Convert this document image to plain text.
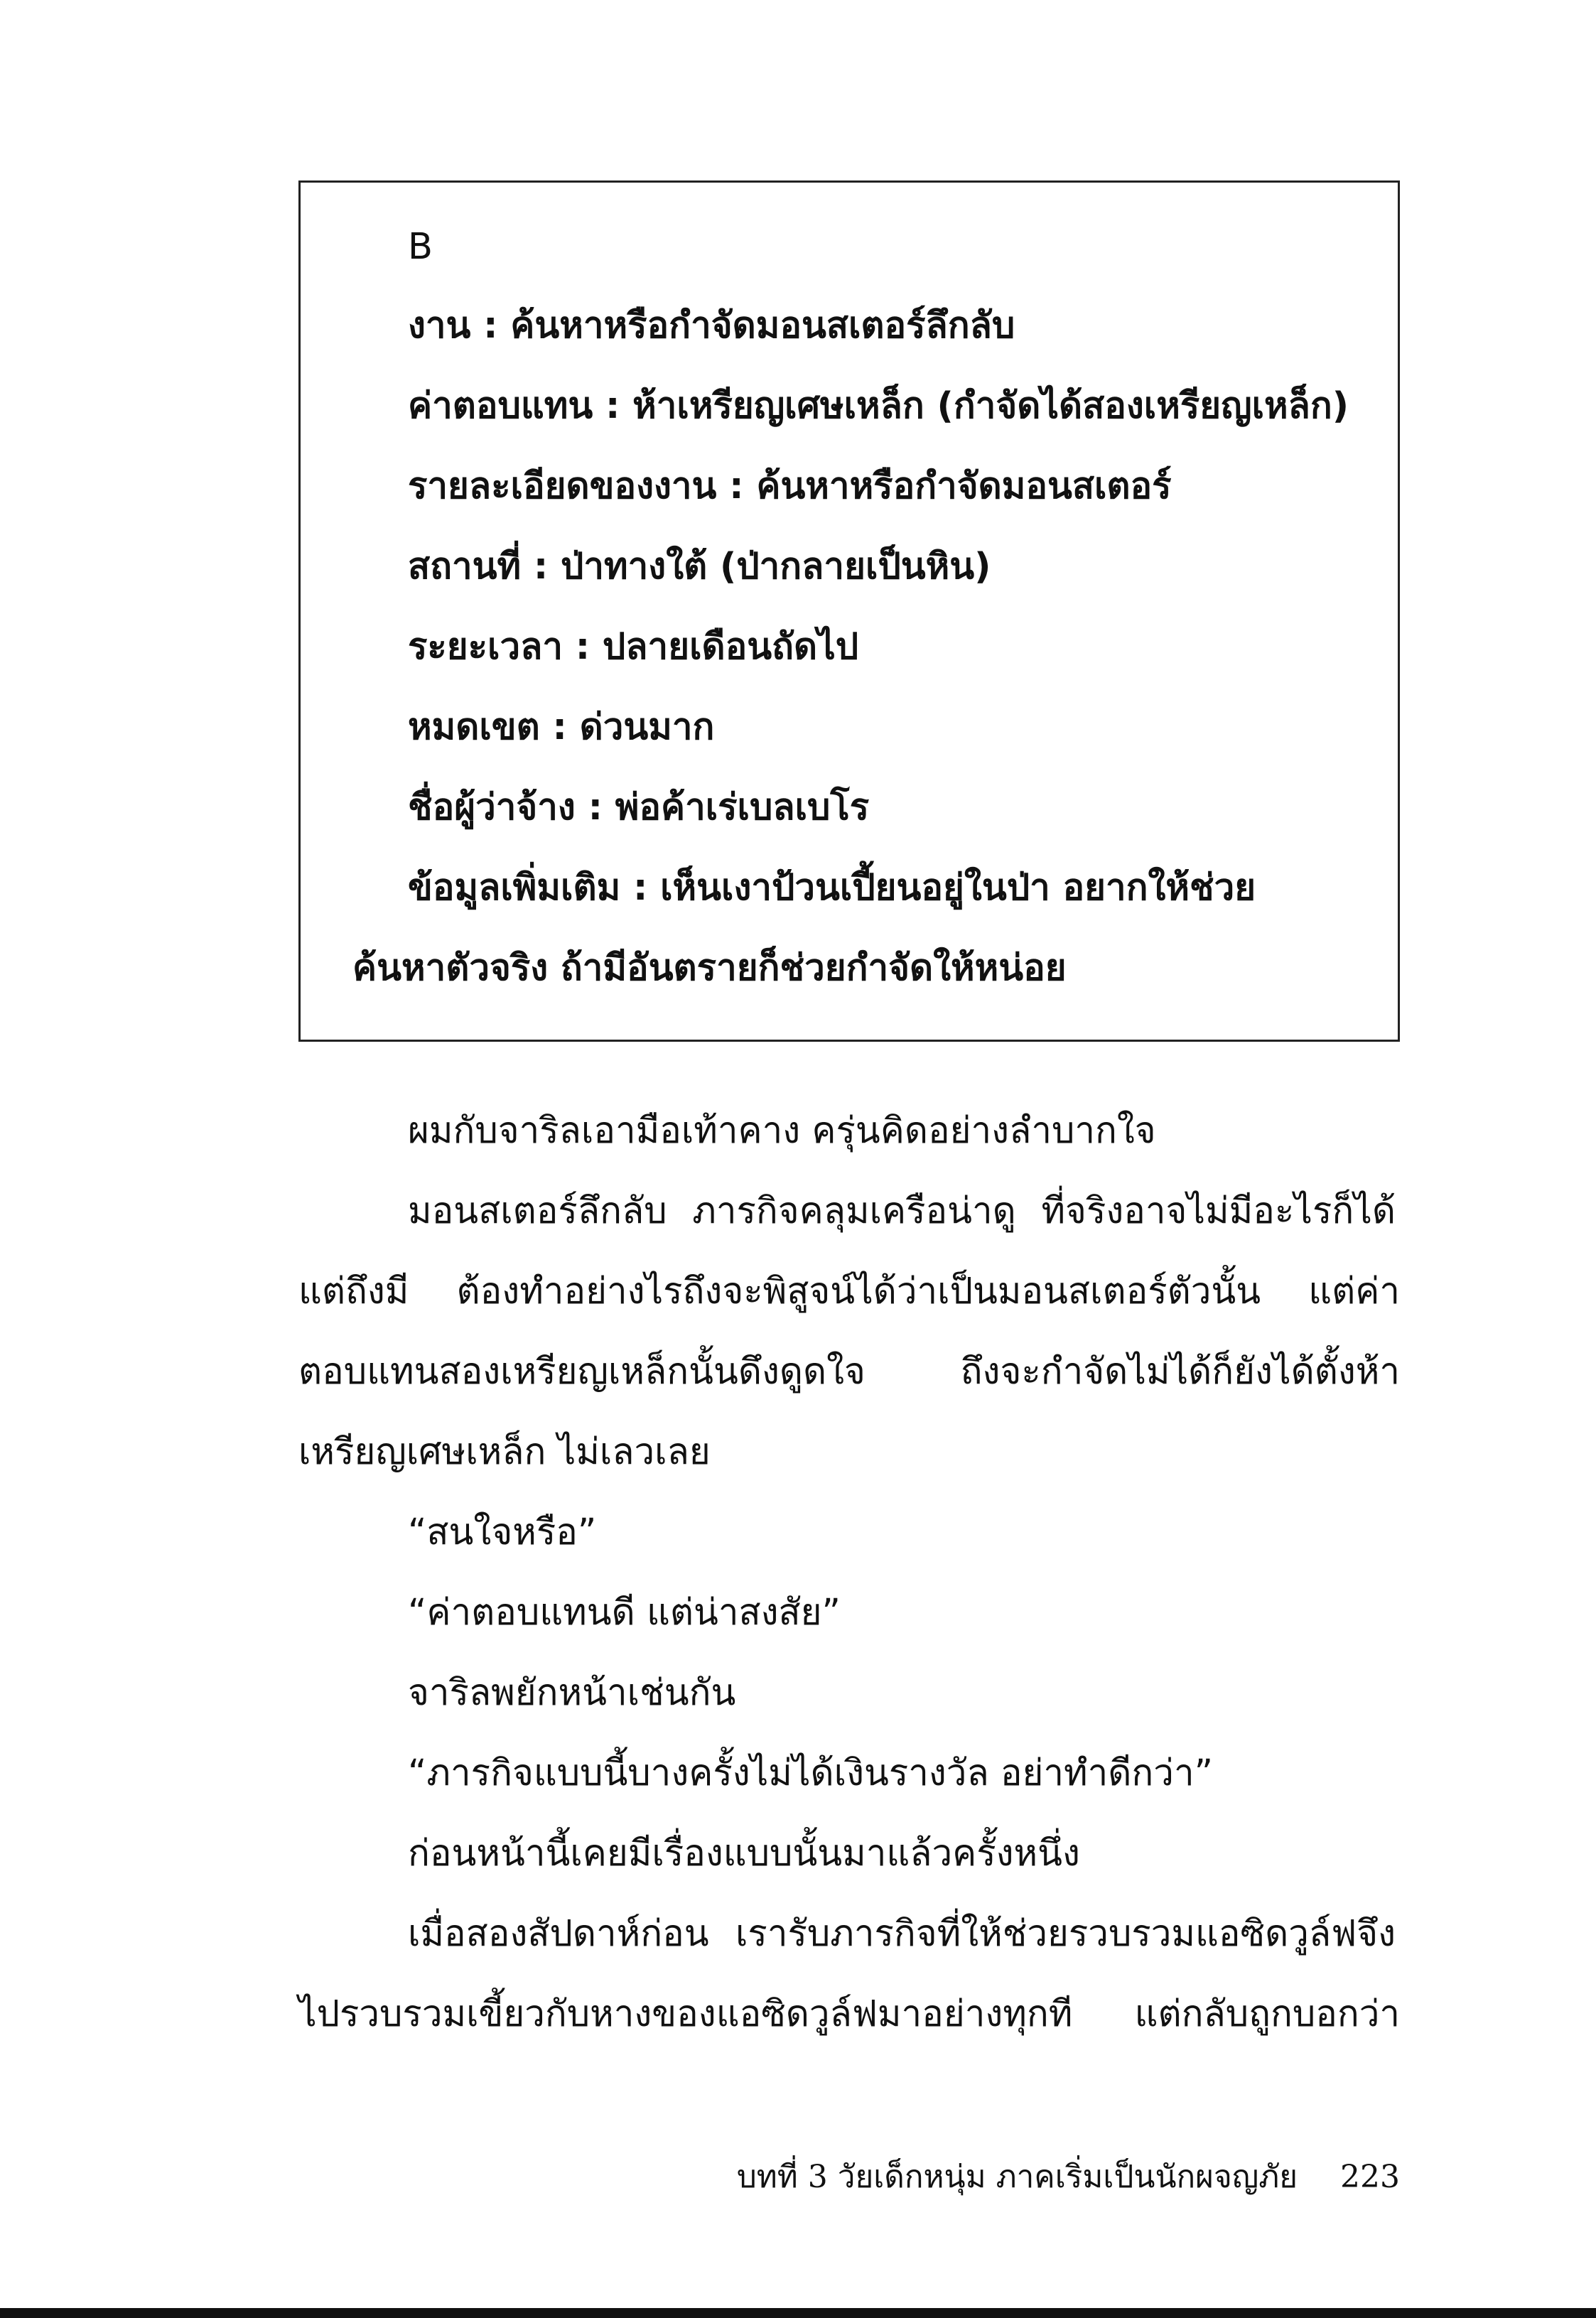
B
งาน : ค้นหาหรือกำจัดมอนสเตอร์ลึกลับ
ค่าตอบแทน : ห้าเหรียญเศษเหล็ก (กำจัดได้สองเหรียญเหล็ก)
รายละเอียดของงาน : ค้นหาหรือกำจัดมอนสเตอร์
สถานที่ : ป่าทางใต้ (ป่ากลายเป็นหิน)
ระยะเวลา : ปลายเดือนถัดไป
หมดเขต : ด่วนมาก
ชื่อผู้ว่าจ้าง : พ่อค้าเร่เบลเบโร
ข้อมูลเพิ่มเติม : เห็นเงาป้วนเปี้ยนอยู่ในป่า อยากให้ช่วย
ค้นหาตัวจริง ถ้ามีอันตรายก็ช่วยกำจัดให้หน่อย
ผมกับจาริลเอามือเท้าคาง ครุ่นคิดอย่างลำบากใจ
มอนสเตอร์ลึกลับ ภารกิจคลุมเครือน่าดู ที่จริงอาจไม่มีอะไรก็ได้
แต่ถึงมี ต้องทำอย่างไรถึงจะพิสูจน์ได้ว่าเป็นมอนสเตอร์ตัวนั้น แต่ค่า
ตอบแทนสองเหรียญเหล็กนั้นดึงดูดใจ ถึงจะกำจัดไม่ได้ก็ยังได้ตั้งห้า
เหรียญเศษเหล็ก ไม่เลวเลย
“สนใจหรือ”
“ค่าตอบแทนดี แต่น่าสงสัย”
จาริลพยักหน้าเช่นกัน
“ภารกิจแบบนี้บางครั้งไม่ได้เงินรางวัล อย่าทำดีกว่า”
ก่อนหน้านี้เคยมีเรื่องแบบนั้นมาแล้วครั้งหนึ่ง
เมื่อสองสัปดาห์ก่อน เรารับภารกิจที่ให้ช่วยรวบรวมแอซิดวูล์ฟจึง
ไปรวบรวมเขี้ยวกับหางของแอซิดวูล์ฟมาอย่างทุกที แต่กลับถูกบอกว่า
บทที่ 3 วัยเด็กหนุ่ม ภาคเริ่มเป็นนักผจญภัย 223
